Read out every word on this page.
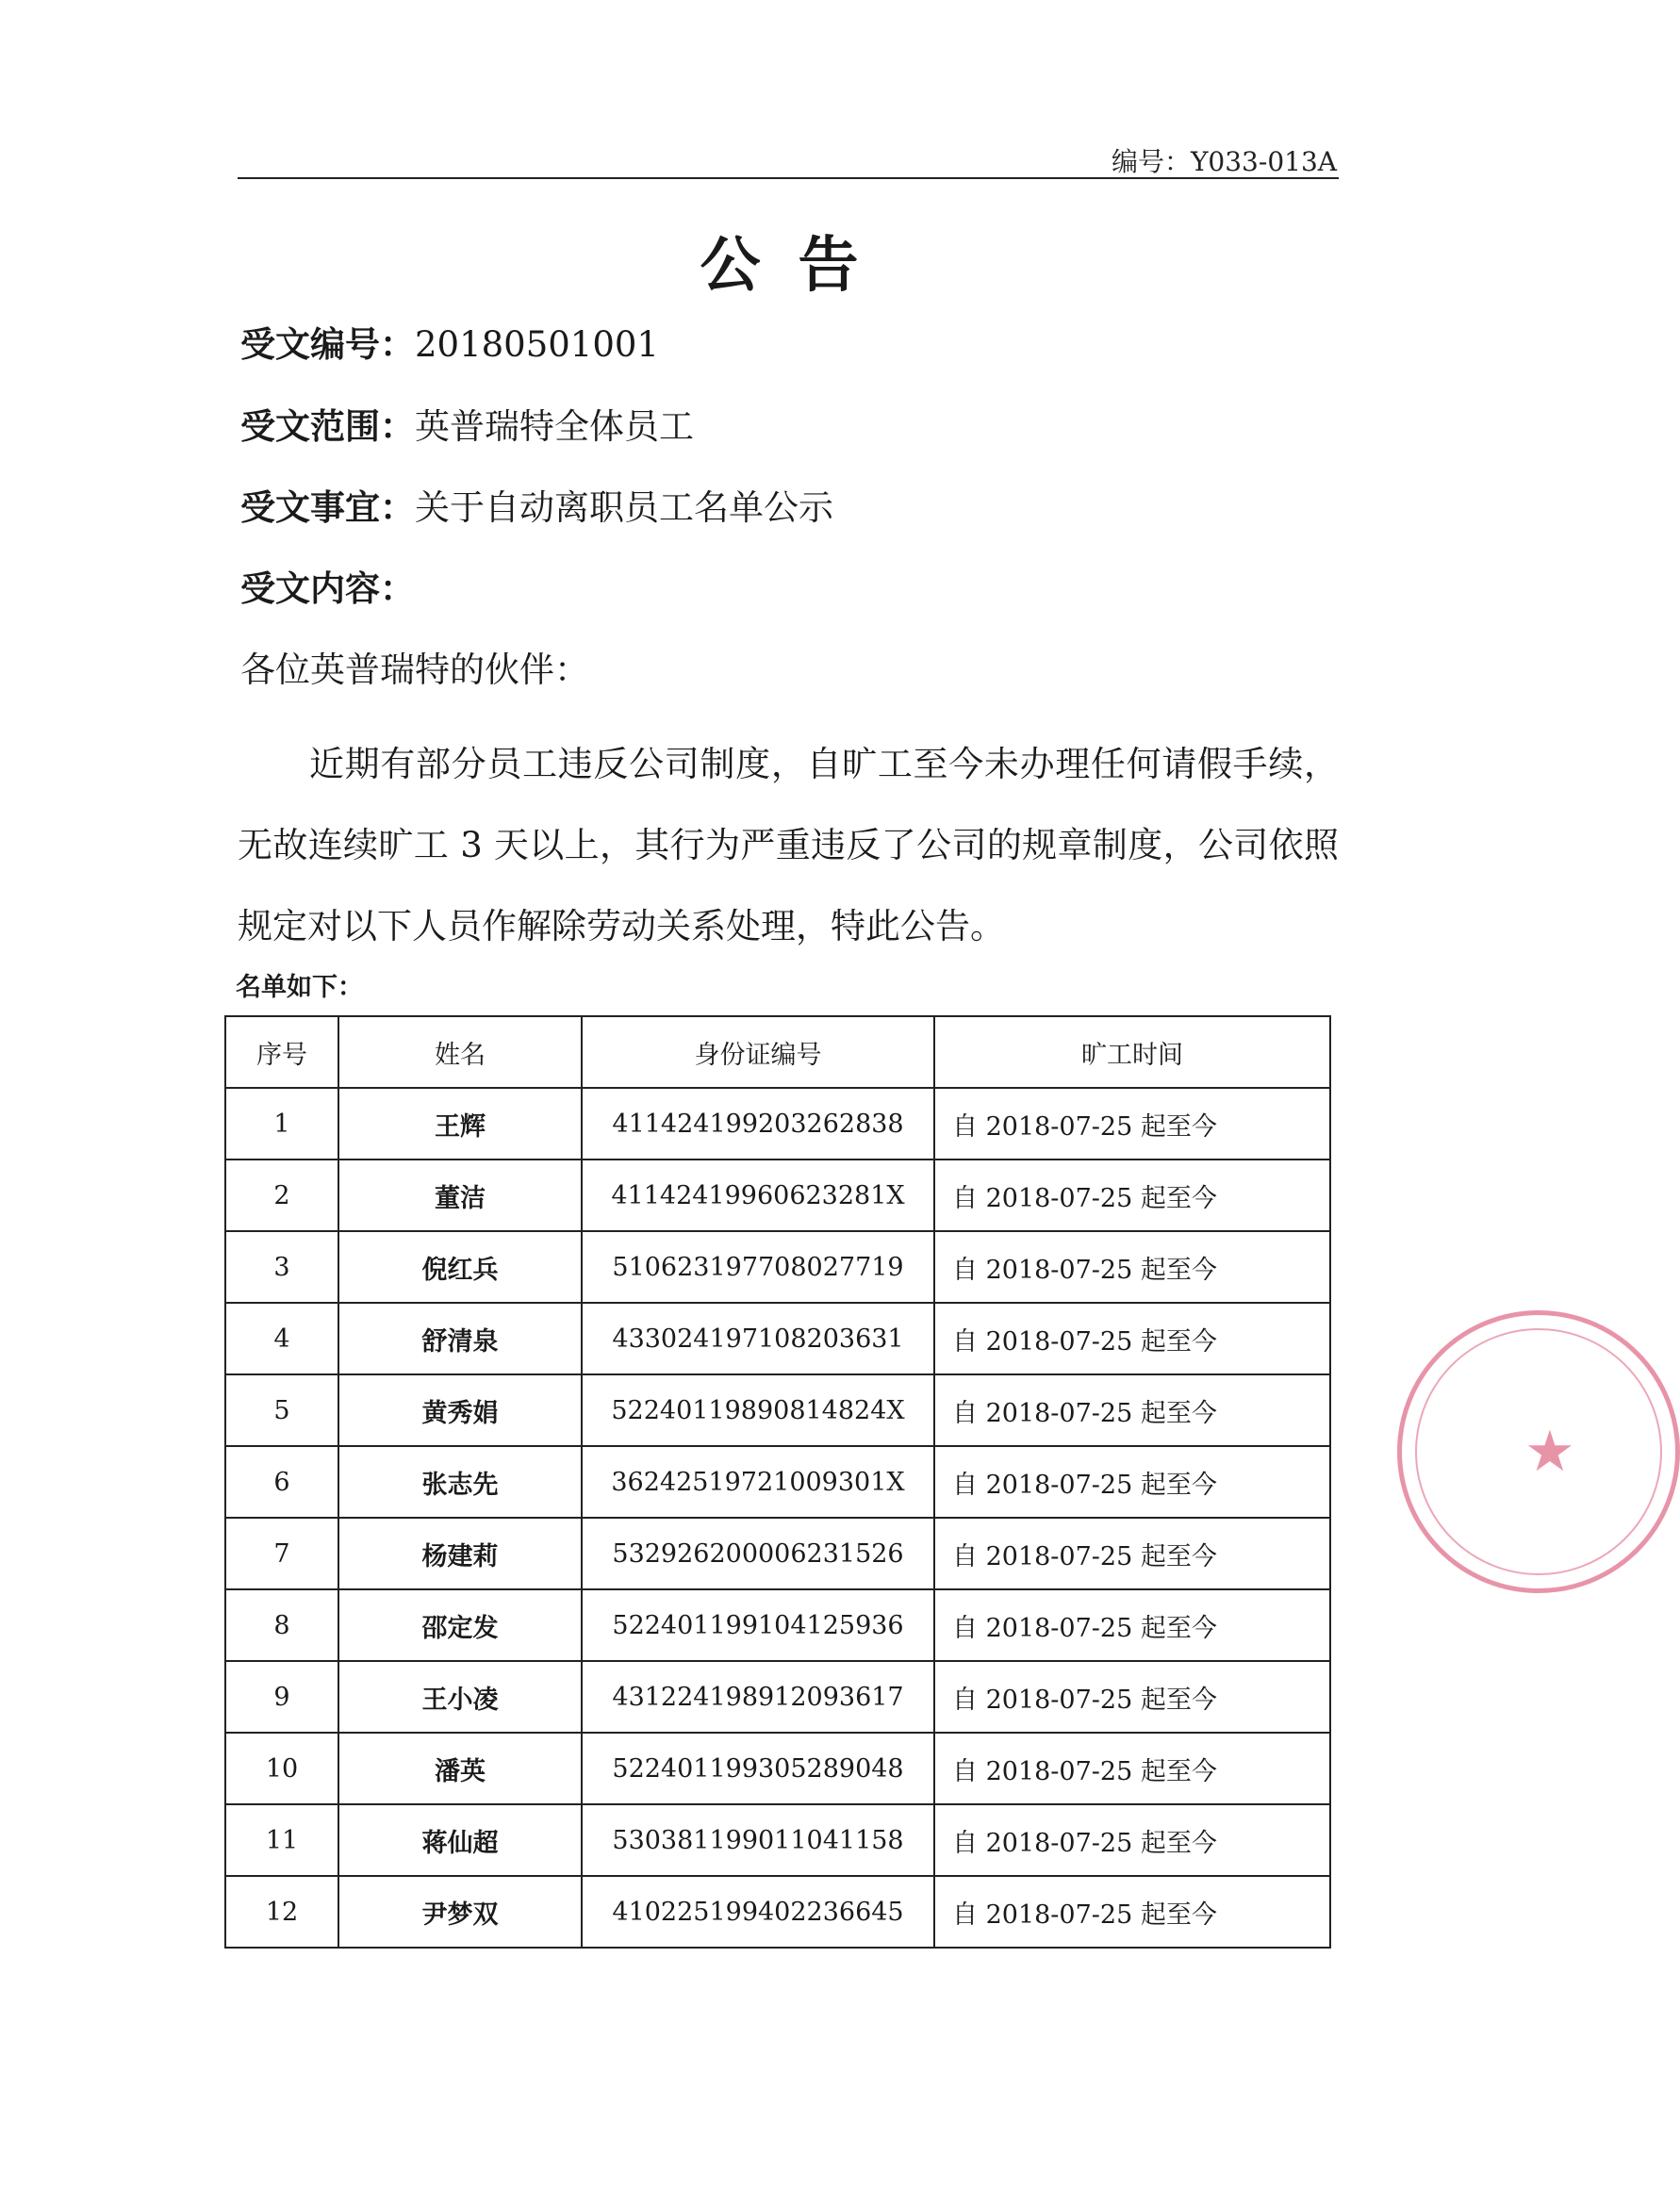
编号：Y033-013A
公告
受文编号：20180501001
受文范围：英普瑞特全体员工
受文事宜：关于自动离职员工名单公示
受文内容：
各位英普瑞特的伙伴：
近期有部分员工违反公司制度，自旷工至今未办理任何请假手续，无故连续旷工 3 天以上，其行为严重违反了公司的规章制度，公司依照规定对以下人员作解除劳动关系处理，特此公告。
名单如下：
序号	姓名	身份证编号	旷工时间
1	王辉	411424199203262838	自 2018-07-25 起至今
2	董洁	41142419960623281X	自 2018-07-25 起至今
3	倪红兵	510623197708027719	自 2018-07-25 起至今
4	舒清泉	433024197108203631	自 2018-07-25 起至今
5	黄秀娟	52240119890814824X	自 2018-07-25 起至今
6	张志先	36242519721009301X	自 2018-07-25 起至今
7	杨建莉	532926200006231526	自 2018-07-25 起至今
8	邵定发	522401199104125936	自 2018-07-25 起至今
9	王小凌	431224198912093617	自 2018-07-25 起至今
10	潘英	522401199305289048	自 2018-07-25 起至今
11	蒋仙超	530381199011041158	自 2018-07-25 起至今
12	尹梦双	410225199402236645	自 2018-07-25 起至今
★
